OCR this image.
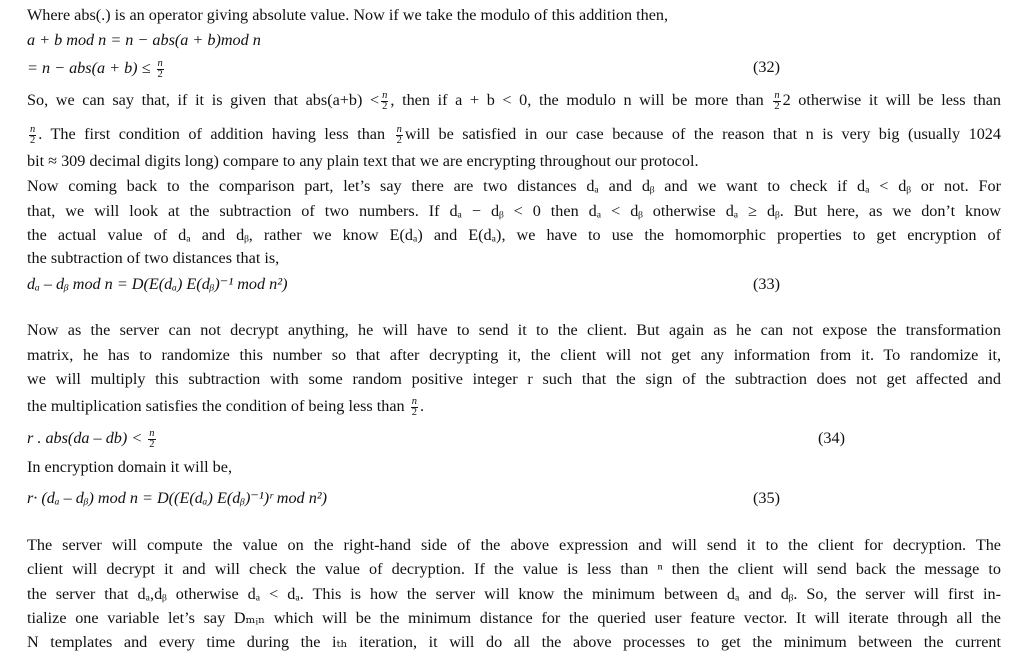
Where abs(.) is an operator giving absolute value. Now if we take the modulo of this addition then,
a + b mod n = n − abs(a + b)mod n
= $n - abs(a + b) \le \frac{n}{2}$	(32)
So, we can say that, if it is given that $abs(a+b) < \frac{n}{2}$ , then if a + b < 0, the modulo n will be more than $\frac{n}{2} 2$ otherwise it will be less than
$\frac{n}{2}$ . The first condition of addition having less than $\frac{n}{2}$ will be satisfied in our case because of the reason that n is very big (usually 1024
bit ≈ 309 decimal digits long) compare to any plain text that we are encrypting throughout our protocol.
Now coming back to the comparison part, let’s say there are two distances dₐ and dᵦ and we want to check if dₐ < dᵦ or not. For
that, we will look at the subtraction of two numbers. If dₐ − dᵦ < 0 then dₐ < dᵦ otherwise dₐ ≥ dᵦ. But here, as we don’t know
the actual value of dₐ and dᵦ, rather we know E(dₐ) and E(dₐ), we have to use the homomorphic properties to get encryption of
the subtraction of two distances that is,
dₐ – dᵦ mod n = D(E(dₐ) E(dᵦ)⁻¹ mod n²)	(33)
Now as the server can not decrypt anything, he will have to send it to the client. But again as he can not expose the transformation
matrix, he has to randomize this number so that after decrypting it, the client will not get any information from it. To randomize it,
we will multiply this subtraction with some random positive integer r such that the sign of the subtraction does not get affected and
the multiplication satisfies the condition of being less than $\frac{n}{2}$ .
r . $abs(da - db) < \frac{n}{2}$	(34)
In encryption domain it will be,
r· (dₐ – dᵦ) mod n = D((E(dₐ) E(dᵦ)⁻¹)ʳ mod n²)	(35)
The server will compute the value on the right-hand side of the above expression and will send it to the client for decryption. The
client will decrypt it and will check the value of decryption. If the value is less than ⁿ then the client will send back the message to
the server that dₐ,dᵦ otherwise dₐ < dₐ. This is how the server will know the minimum between dₐ and dᵦ. So, the server will first in-
tialize one variable let’s say Dₘᵢₙ which will be the minimum distance for the queried user feature vector. It will iterate through all the
N templates and every time during the iₜₕ iteration, it will do all the above processes to get the minimum between the current
